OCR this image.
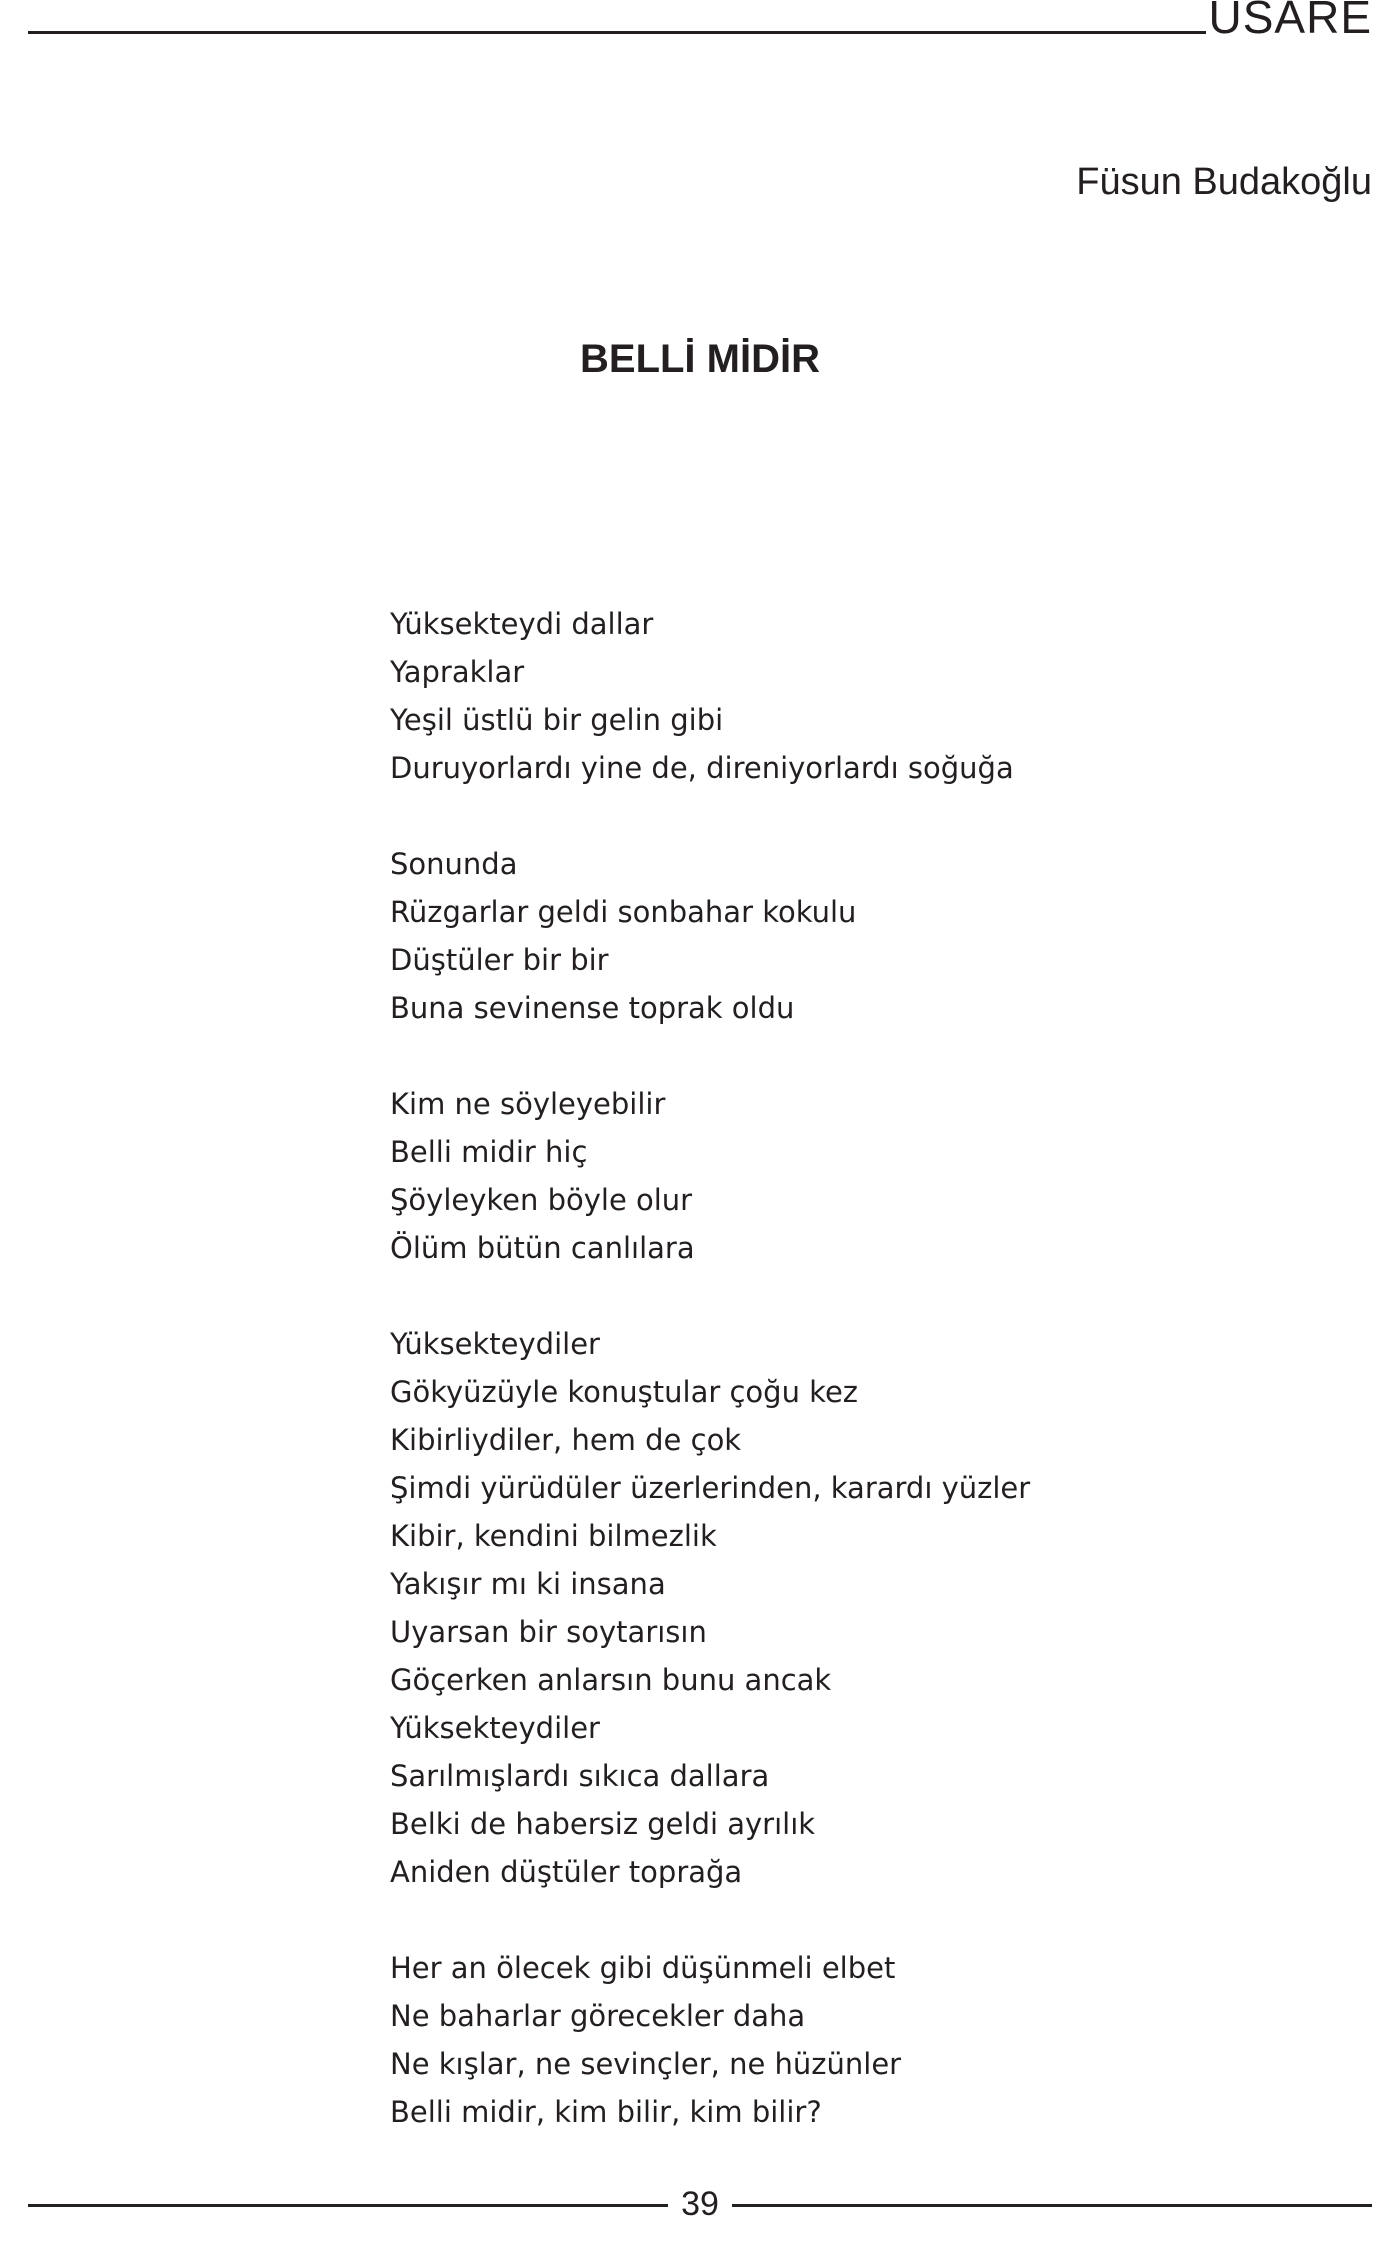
USARE
Füsun Budakoğlu
BELLİ MİDİR
Yüksekteydi dallar
Yapraklar
Yeşil üstlü bir gelin gibi
Duruyorlardı yine de, direniyorlardı soğuğa
Sonunda
Rüzgarlar geldi sonbahar kokulu
Düştüler bir bir
Buna sevinense toprak oldu
Kim ne söyleyebilir
Belli midir hiç
Şöyleyken böyle olur
Ölüm bütün canlılara
Yüksekteydiler
Gökyüzüyle konuştular çoğu kez
Kibirliydiler, hem de çok
Şimdi yürüdüler üzerlerinden, karardı yüzler
Kibir, kendini bilmezlik
Yakışır mı ki insana
Uyarsan bir soytarısın
Göçerken anlarsın bunu ancak
Yüksekteydiler
Sarılmışlardı sıkıca dallara
Belki de habersiz geldi ayrılık
Aniden düştüler toprağa
Her an ölecek gibi düşünmeli elbet
Ne baharlar görecekler daha
Ne kışlar, ne sevinçler, ne hüzünler
Belli midir, kim bilir, kim bilir?
39
